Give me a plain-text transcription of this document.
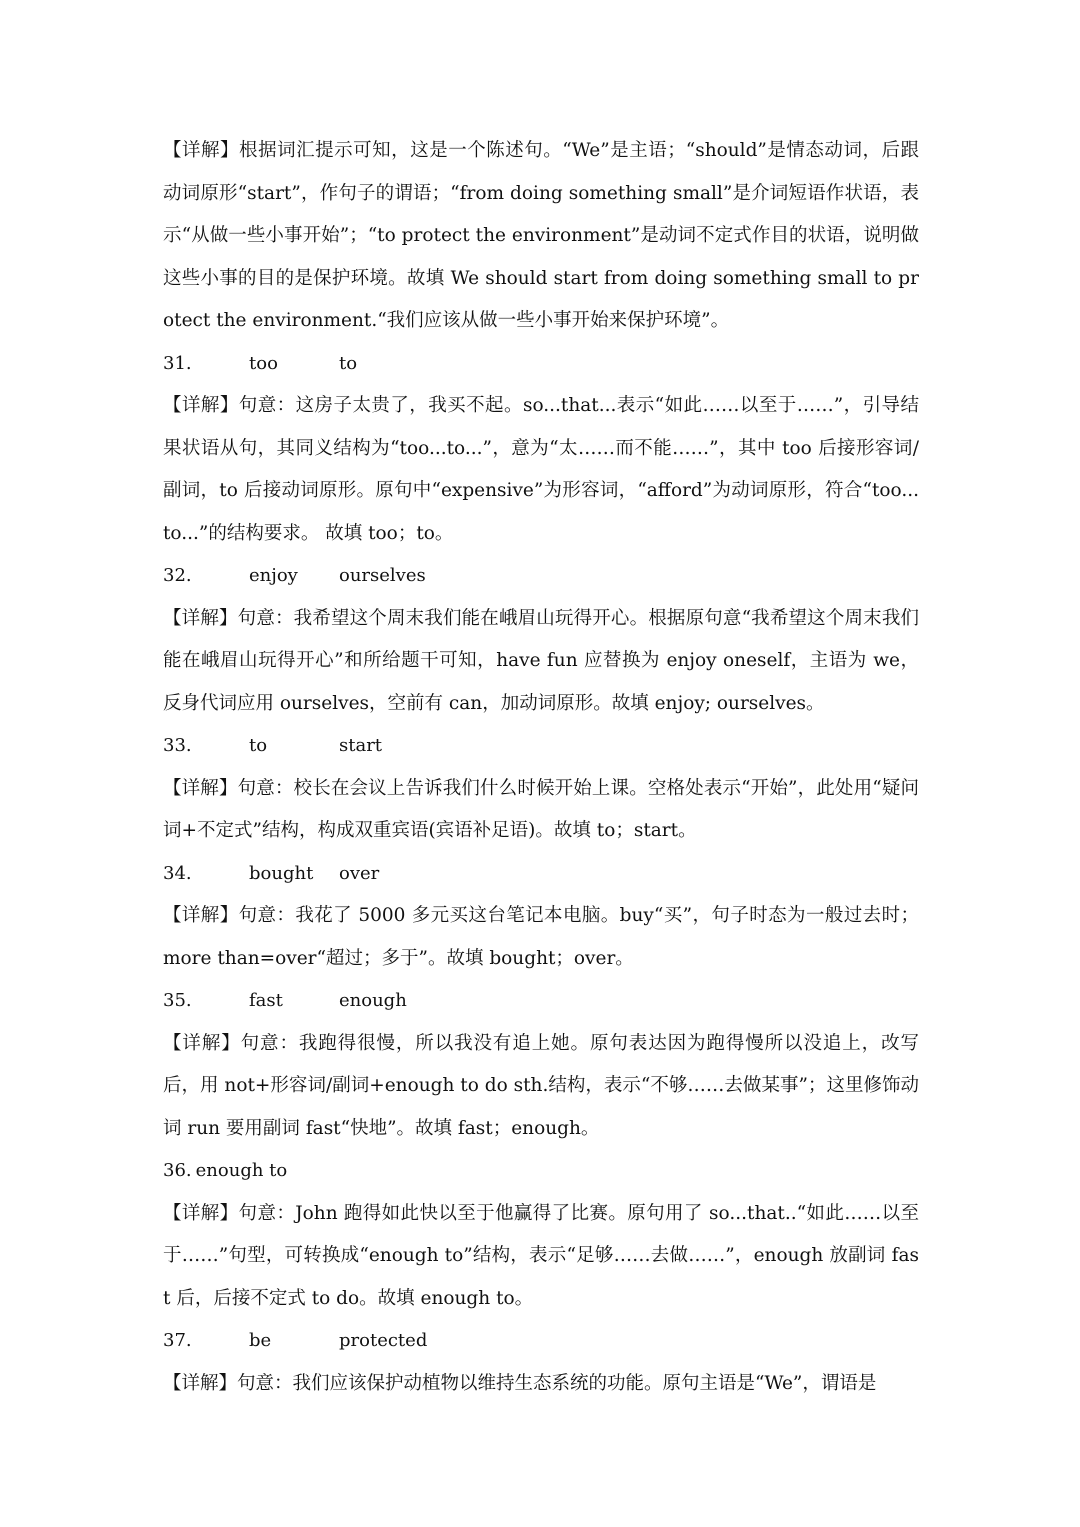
【详解】根据词汇提示可知，这是一个陈述句。“We”是主语；“should”是情态动词，后跟动词原形“start”，作句子的谓语；“from doing something small”是介词短语作状语，表示“从做一些小事开始”；“to protect the environment”是动词不定式作目的状语，说明做这些小事的目的是保护环境。故填 We should start from doing something small to protect the environment.“我们应该从做一些小事开始来保护环境”。

31.	too	to

【详解】句意：这房子太贵了，我买不起。so...that...表示“如此……以至于……”，引导结果状语从句，其同义结构为“too...to...”，意为“太……而不能……”，其中 too 后接形容词/副词，to 后接动词原形。原句中“expensive”为形容词，“afford”为动词原形，符合“too...to...”的结构要求。 故填 too；to。

32.	enjoy	ourselves

【详解】句意：我希望这个周末我们能在峨眉山玩得开心。根据原句意“我希望这个周末我们能在峨眉山玩得开心”和所给题干可知，have fun 应替换为 enjoy oneself，主语为 we，反身代词应用 ourselves，空前有 can，加动词原形。故填 enjoy; ourselves。

33.	to	start

【详解】句意：校长在会议上告诉我们什么时候开始上课。空格处表示“开始”，此处用“疑问词+不定式”结构，构成双重宾语(宾语补足语)。故填 to；start。

34.	bought	over

【详解】句意：我花了 5000 多元买这台笔记本电脑。buy“买”，句子时态为一般过去时；more than=over“超过；多于”。故填 bought；over。

35.	fast	enough

【详解】句意：我跑得很慢，所以我没有追上她。原句表达因为跑得慢所以没追上，改写后，用 not+形容词/副词+enough to do sth.结构，表示“不够……去做某事”；这里修饰动词 run 要用副词 fast“快地”。故填 fast；enough。

36. enough to

【详解】句意：John 跑得如此快以至于他赢得了比赛。原句用了 so...that..“如此……以至于……”句型，可转换成“enough to”结构，表示“足够……去做……”，enough 放副词 fast 后，后接不定式 to do。故填 enough to。

37.	be	protected

【详解】句意：我们应该保护动植物以维持生态系统的功能。原句主语是“We”，谓语是
